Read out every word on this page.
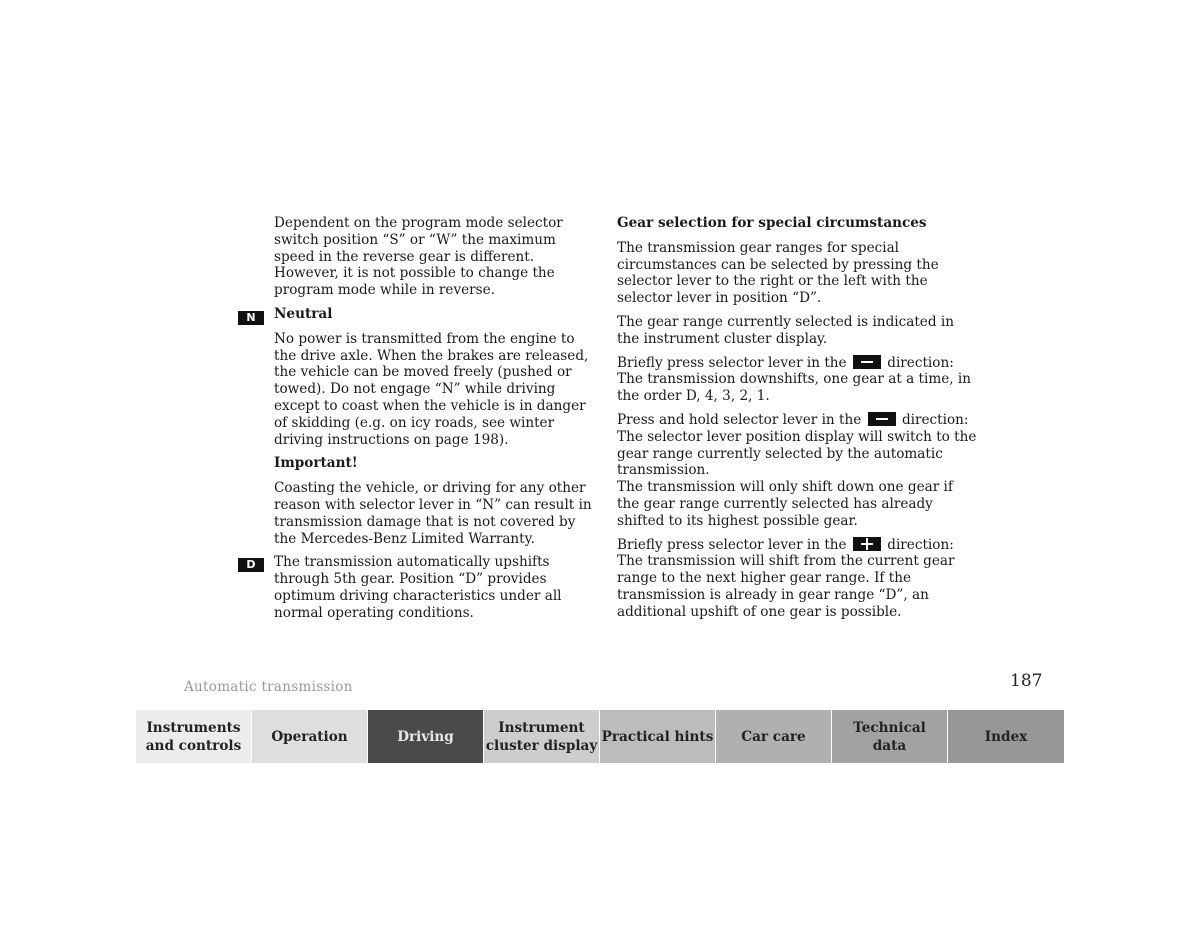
Dependent on the program mode selector switch position “S” or “W” the maximum speed in the reverse gear is different. However, it is not possible to change the program mode while in reverse.

Neutral

No power is transmitted from the engine to the drive axle. When the brakes are released, the vehicle can be moved freely (pushed or towed). Do not engage “N” while driving except to coast when the vehicle is in danger of skidding (e.g. on icy roads, see winter driving instructions on page 198).

Important!

Coasting the vehicle, or driving for any other reason with selector lever in “N” can result in transmission damage that is not covered by the Mercedes-Benz Limited Warranty.

The transmission automatically upshifts through 5th gear. Position “D” provides optimum driving characteristics under all normal operating conditions.

N
D

Gear selection for special circumstances

The transmission gear ranges for special circumstances can be selected by pressing the selector lever to the right or the left with the selector lever in position “D”.

The gear range currently selected is indicated in the instrument cluster display.

Briefly press selector lever in the	direction:
The transmission downshifts, one gear at a time, in the order D, 4, 3, 2, 1.

Press and hold selector lever in the	direction:
The selector lever position display will switch to the gear range currently selected by the automatic transmission.
The transmission will only shift down one gear if the gear range currently selected has already shifted to its highest possible gear.

Briefly press selector lever in the	direction:
The transmission will shift from the current gear range to the next higher gear range. If the transmission is already in gear range “D”, an additional upshift of one gear is possible.

Automatic transmission	187
Instruments
and controls
Operation	Driving
Instrument
cluster display
Practical hints Car care
Technical
data
Index
